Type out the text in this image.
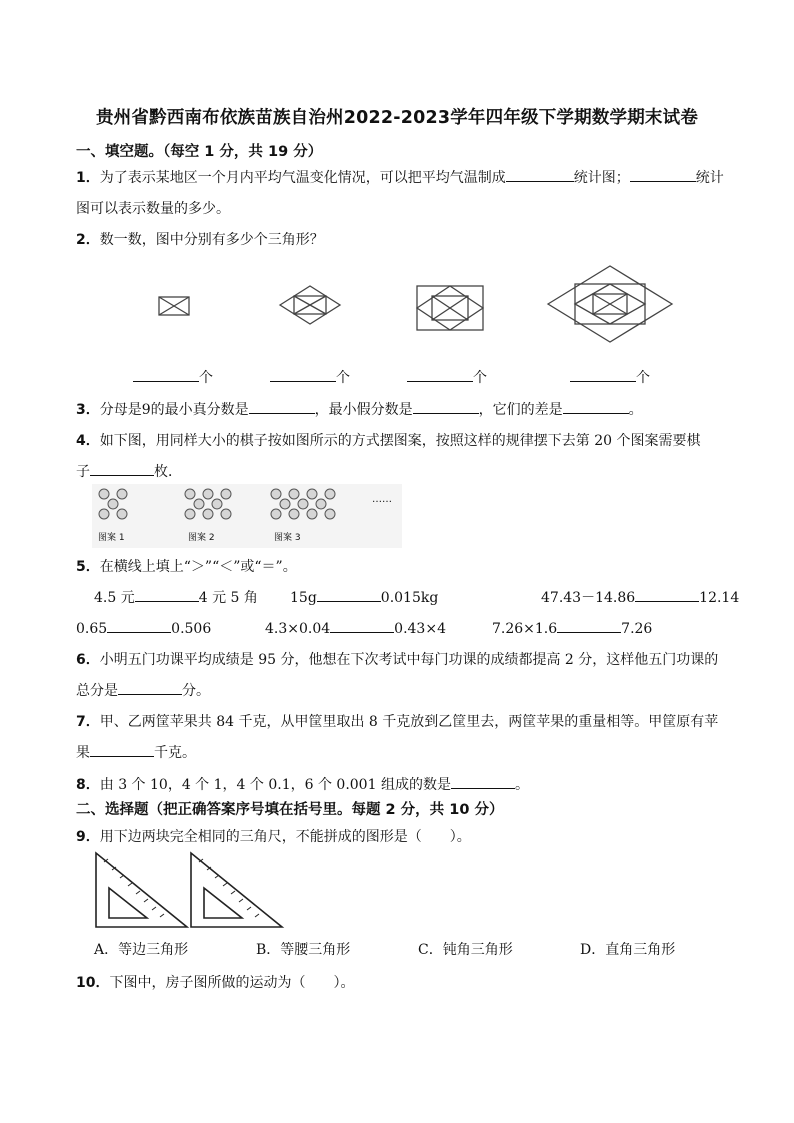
贵州省黔西南布依族苗族自治州2022-2023学年四年级下学期数学期末试卷
一、填空题。（每空 1 分，共 19 分）
1．为了表示某地区一个月内平均气温变化情况，可以把平均气温制成	统计图；	统计
图可以表示数量的多少。
2．数一数，图中分别有多少个三角形？
个	个	个	个
3．分母是9的最小真分数是	，最小假分数是	，它们的差是	。
4．如下图，用同样大小的棋子按如图所示的方式摆图案，按照这样的规律摆下去第 20 个图案需要棋
子	枚．
图案 1	图案 2	图案 3
……
5．在横线上填上“＞”“＜”或“＝”。
4.5 元	4 元 5 角 15g	0.015kg	47.43－14.86	12.14
0.65	0.506	4.3×0.04	0.43×4	7.26×1.6	7.26
6．小明五门功课平均成绩是 95 分，他想在下次考试中每门功课的成绩都提高 2 分，这样他五门功课的
总分是	分。
7．甲、乙两筐苹果共 84 千克，从甲筐里取出 8 千克放到乙筐里去，两筐苹果的重量相等。甲筐原有苹
果	千克。
8．由 3 个 10，4 个 1，4 个 0.1，6 个 0.001 组成的数是	。
二、选择题（把正确答案序号填在括号里。每题 2 分，共 10 分）
9．用下边两块完全相同的三角尺，不能拼成的图形是（　　）。
A．等边三角形	B．等腰三角形	C．钝角三角形	D．直角三角形
10．下图中，房子图所做的运动为（　　）。
